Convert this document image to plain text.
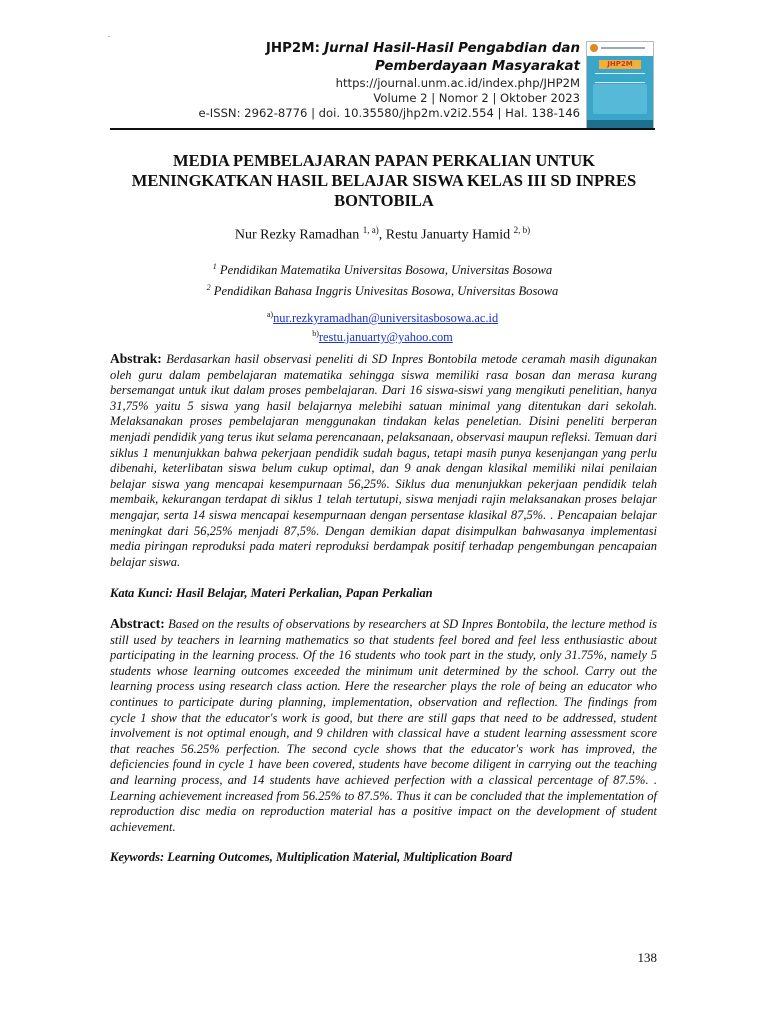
.
JHP2M: Jurnal Hasil-Hasil Pengabdian dan Pemberdayaan Masyarakat
https://journal.unm.ac.id/index.php/JHP2M
Volume 2 | Nomor 2 | Oktober 2023
e-ISSN: 2962-8776 | doi. 10.35580/jhp2m.v2i2.554 | Hal. 138-146
JHP2M
MEDIA PEMBELAJARAN PAPAN PERKALIAN UNTUK MENINGKATKAN HASIL BELAJAR SISWA KELAS III SD INPRES BONTOBILA
Nur Rezky Ramadhan $^{1, a)}$, Restu Januarty Hamid $^{2, b)}$
$^1$ Pendidikan Matematika Universitas Bosowa, Universitas Bosowa
$^2$ Pendidikan Bahasa Inggris Univesitas Bosowa, Universitas Bosowa
$^{a)}$nur.rezkyramadhan@universitasbosowa.ac.id
$^{b)}$restu.januarty@yahoo.com

Abstrak: Berdasarkan hasil observasi peneliti di SD Inpres Bontobila metode ceramah masih digunakan oleh guru dalam pembelajaran matematika sehingga siswa memiliki rasa bosan dan merasa kurang bersemangat untuk ikut dalam proses pembelajaran. Dari 16 siswa-siswi yang mengikuti penelitian, hanya 31,75% yaitu 5 siswa yang hasil belajarnya melebihi satuan minimal yang ditentukan dari sekolah. Melaksanakan proses pembelajaran menggunakan tindakan kelas peneletian. Disini peneliti berperan menjadi pendidik yang terus ikut selama perencanaan, pelaksanaan, observasi maupun refleksi. Temuan dari siklus 1 menunjukkan bahwa pekerjaan pendidik sudah bagus, tetapi masih punya kesenjangan yang perlu dibenahi, keterlibatan siswa belum cukup optimal, dan 9 anak dengan klasikal memiliki nilai penilaian belajar siswa yang mencapai kesempurnaan 56,25%. Siklus dua menunjukkan pekerjaan pendidik telah membaik, kekurangan terdapat di siklus 1 telah tertutupi, siswa menjadi rajin melaksanakan proses belajar mengajar, serta 14 siswa mencapai kesempurnaan dengan persentase klasikal 87,5%. . Pencapaian belajar meningkat dari 56,25% menjadi 87,5%. Dengan demikian dapat disimpulkan bahwasanya implementasi media piringan reproduksi pada materi reproduksi berdampak positif terhadap pengembungan pencapaian belajar siswa.

Kata Kunci: Hasil Belajar, Materi Perkalian, Papan Perkalian

Abstract: Based on the results of observations by researchers at SD Inpres Bontobila, the lecture method is still used by teachers in learning mathematics so that students feel bored and feel less enthusiastic about participating in the learning process. Of the 16 students who took part in the study, only 31.75%, namely 5 students whose learning outcomes exceeded the minimum unit determined by the school. Carry out the learning process using research class action. Here the researcher plays the role of being an educator who continues to participate during planning, implementation, observation and reflection. The findings from cycle 1 show that the educator's work is good, but there are still gaps that need to be addressed, student involvement is not optimal enough, and 9 children with classical have a student learning assessment score that reaches 56.25% perfection. The second cycle shows that the educator's work has improved, the deficiencies found in cycle 1 have been covered, students have become diligent in carrying out the teaching and learning process, and 14 students have achieved perfection with a classical percentage of 87.5%. . Learning achievement increased from 56.25% to 87.5%. Thus it can be concluded that the implementation of reproduction disc media on reproduction material has a positive impact on the development of student achievement.

Keywords: Learning Outcomes, Multiplication Material, Multiplication Board

138
